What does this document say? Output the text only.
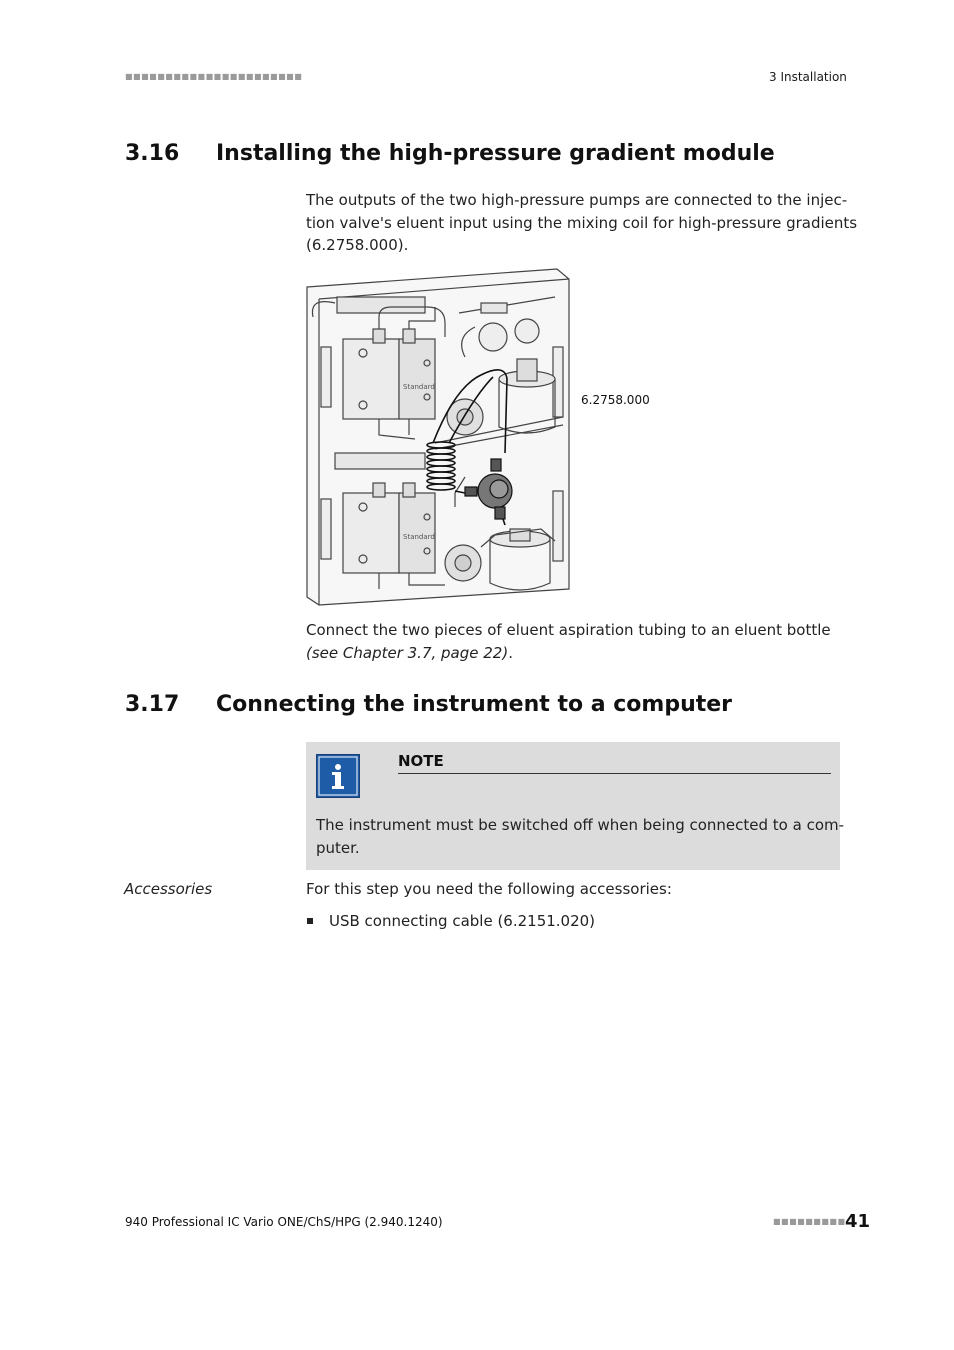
■■■■■■■■■■■■■■■■■■■■■■	3 Installation
3.16 Installing the high-pressure gradient module
The outputs of the two high-pressure pumps are connected to the injec-
tion valve's eluent input using the mixing coil for high-pressure gradients
(6.2758.000).
Standard
Standard
6.2758.000
Connect the two pieces of eluent aspiration tubing to an eluent bottle
(see Chapter 3.7, page 22).
3.17 Connecting the instrument to a computer
NOTE
The instrument must be switched off when being connected to a com-
puter.
Accessories	For this step you need the following accessories:
USB connecting cable (6.2151.020)
940 Professional IC Vario ONE/ChS/HPG (2.940.1240)	■■■■■■■■■ 41
